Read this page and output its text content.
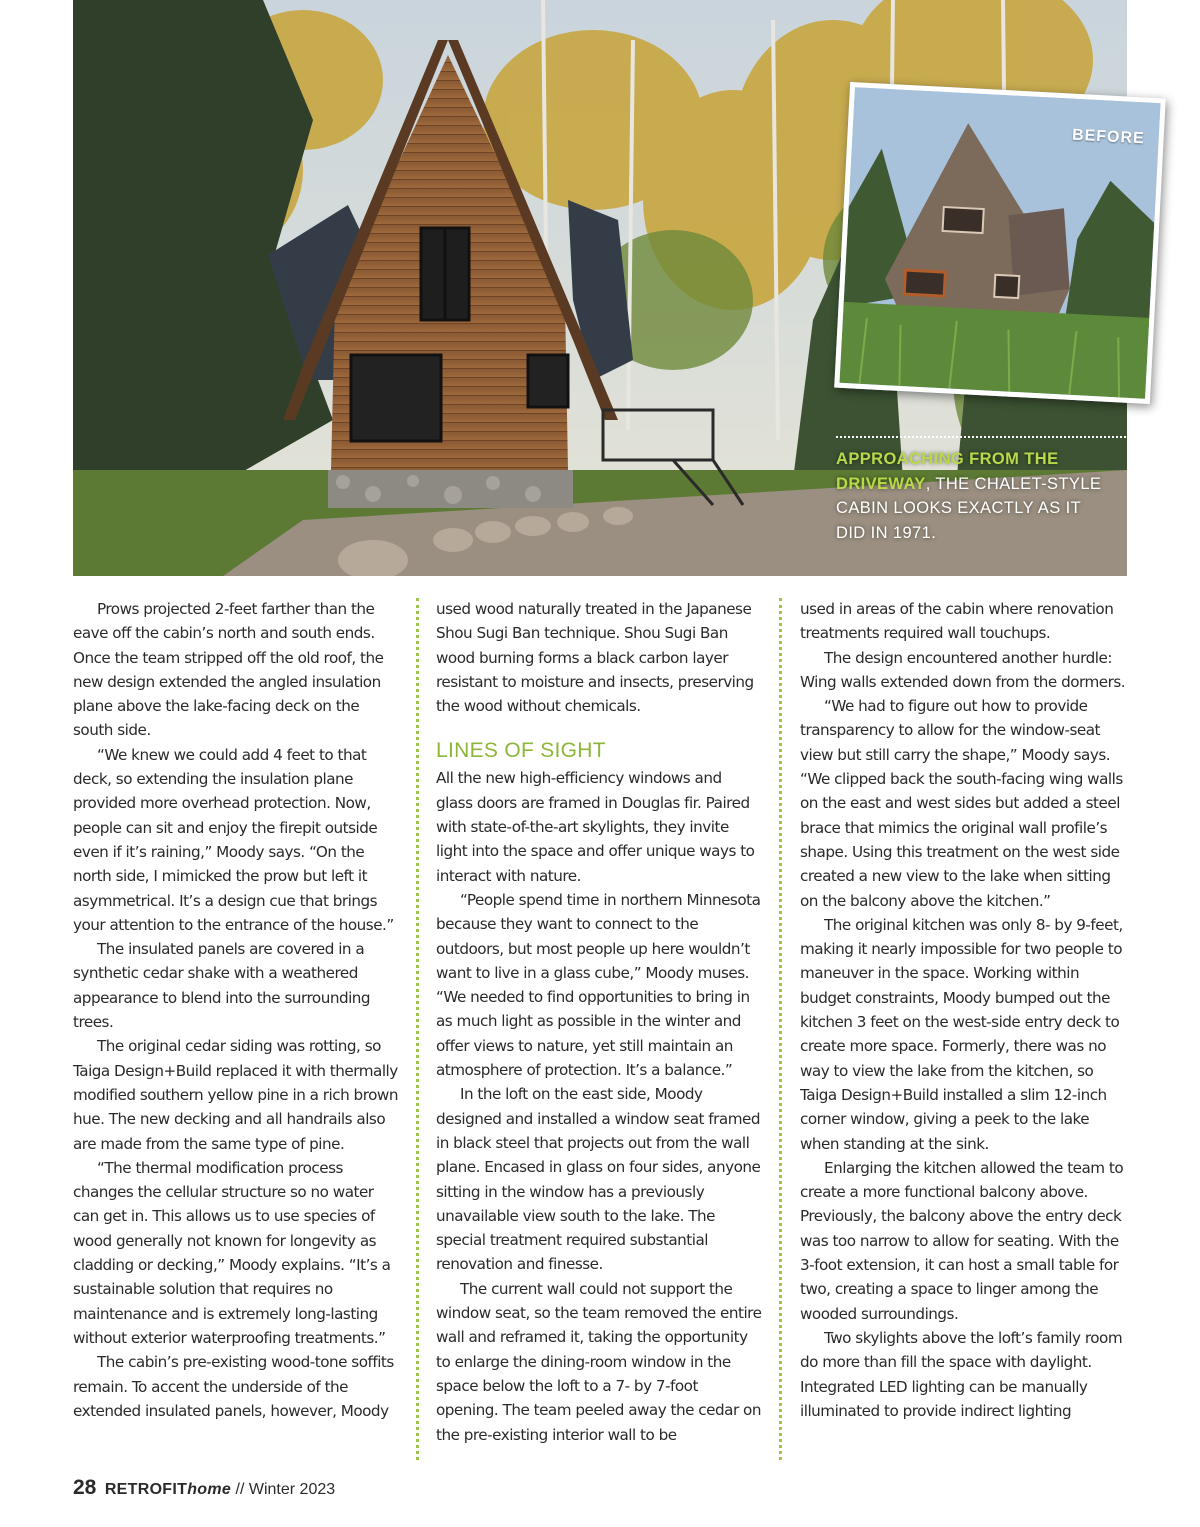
BEFORE
APPROACHING FROM THE DRIVEWAY, THE CHALET-STYLE CABIN LOOKS EXACTLY AS IT DID IN 1971.

Prows projected 2-feet farther than the eave off the cabin’s north and south ends. Once the team stripped off the old roof, the new design extended the angled insulation plane above the lake-facing deck on the south side.

“We knew we could add 4 feet to that deck, so extending the insulation plane provided more overhead protection. Now, people can sit and enjoy the firepit outside even if it’s raining,” Moody says. “On the north side, I mimicked the prow but left it asymmetrical. It’s a design cue that brings your attention to the entrance of the house.”

The insulated panels are covered in a synthetic cedar shake with a weathered appearance to blend into the surrounding trees.

The original cedar siding was rotting, so Taiga Design+Build replaced it with thermally modified southern yellow pine in a rich brown hue. The new decking and all handrails also are made from the same type of pine.

“The thermal modification process changes the cellular structure so no water can get in. This allows us to use species of wood generally not known for longevity as cladding or decking,” Moody explains. “It’s a sustainable solution that requires no maintenance and is extremely long-lasting without exterior waterproofing treatments.”

The cabin’s pre-existing wood-tone soffits remain. To accent the underside of the extended insulated panels, however, Moody

used wood naturally treated in the Japanese Shou Sugi Ban technique. Shou Sugi Ban wood burning forms a black carbon layer resistant to moisture and insects, preserving the wood without chemicals.

LINES OF SIGHT

All the new high-efficiency windows and glass doors are framed in Douglas fir. Paired with state-of-the-art skylights, they invite light into the space and offer unique ways to interact with nature.

“People spend time in northern Minnesota because they want to connect to the outdoors, but most people up here wouldn’t want to live in a glass cube,” Moody muses. “We needed to find opportunities to bring in as much light as possible in the winter and offer views to nature, yet still maintain an atmosphere of protection. It’s a balance.”

In the loft on the east side, Moody designed and installed a window seat framed in black steel that projects out from the wall plane. Encased in glass on four sides, anyone sitting in the window has a previously unavailable view south to the lake. The special treatment required substantial renovation and finesse.

The current wall could not support the window seat, so the team removed the entire wall and reframed it, taking the opportunity to enlarge the dining-room window in the space below the loft to a 7- by 7-foot opening. The team peeled away the cedar on the pre-existing interior wall to be

used in areas of the cabin where renovation treatments required wall touchups.

The design encountered another hurdle: Wing walls extended down from the dormers.

“We had to figure out how to provide transparency to allow for the window-seat view but still carry the shape,” Moody says. “We clipped back the south-facing wing walls on the east and west sides but added a steel brace that mimics the original wall profile’s shape. Using this treatment on the west side created a new view to the lake when sitting on the balcony above the kitchen.”

The original kitchen was only 8- by 9-feet, making it nearly impossible for two people to maneuver in the space. Working within budget constraints, Moody bumped out the kitchen 3 feet on the west-side entry deck to create more space. Formerly, there was no way to view the lake from the kitchen, so Taiga Design+Build installed a slim 12-inch corner window, giving a peek to the lake when standing at the sink.

Enlarging the kitchen allowed the team to create a more functional balcony above. Previously, the balcony above the entry deck was too narrow to allow for seating. With the 3-foot extension, it can host a small table for two, creating a space to linger among the wooded surroundings.

Two skylights above the loft’s family room do more than fill the space with daylight. Integrated LED lighting can be manually illuminated to provide indirect lighting

28 RETROFIThome // Winter 2023
